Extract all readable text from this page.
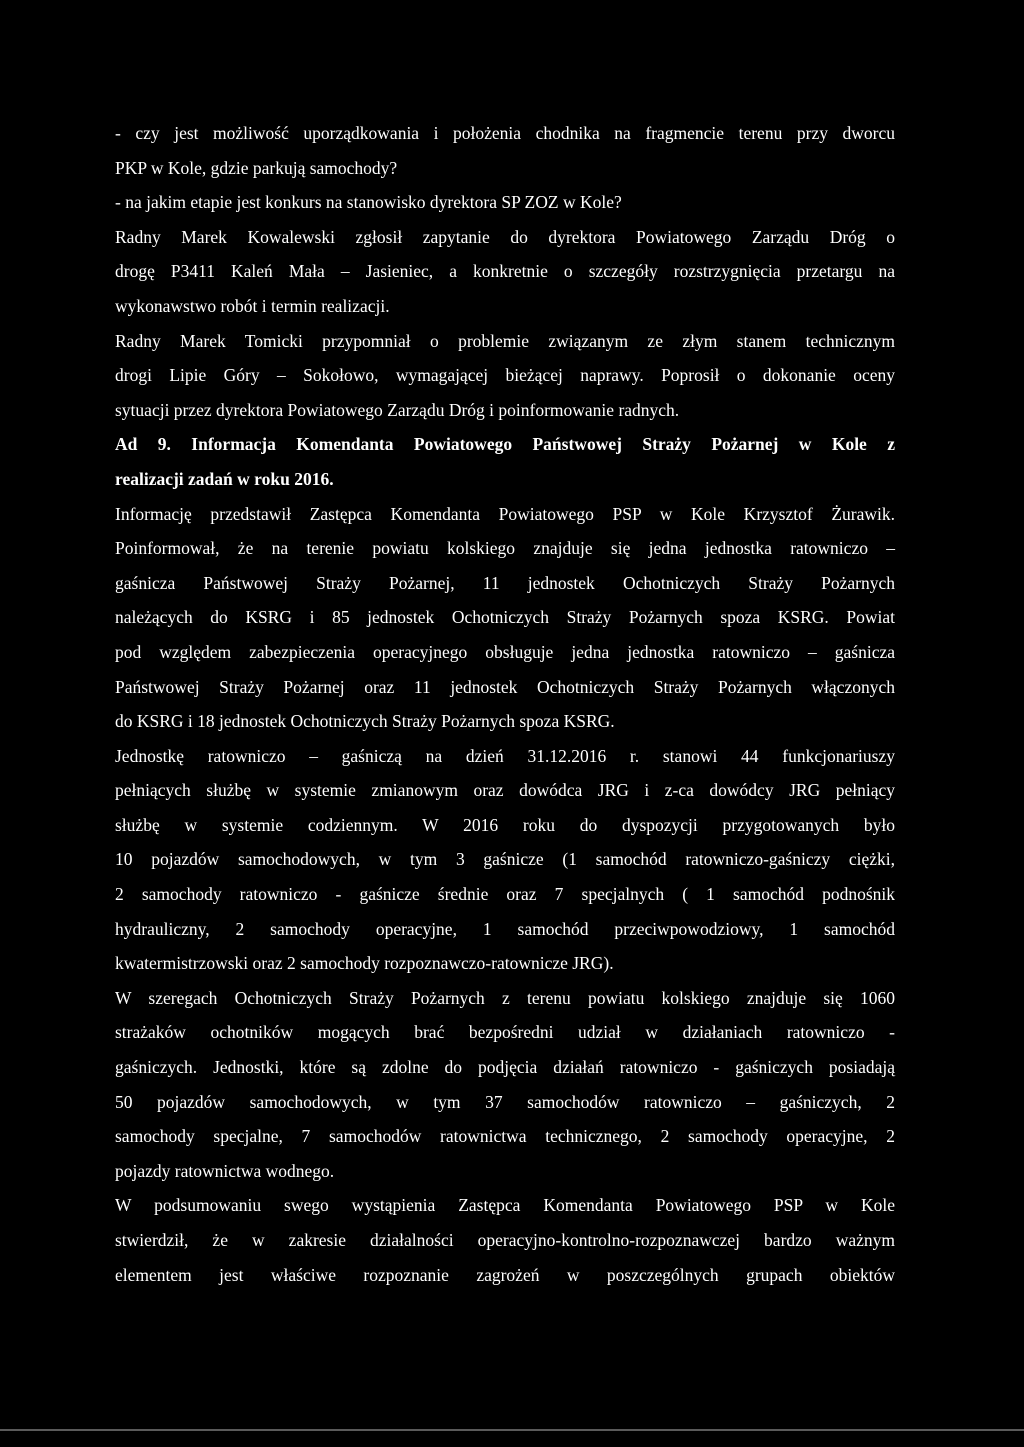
- czy jest możliwość uporządkowania i położenia chodnika na fragmencie terenu przy dworcu
PKP w Kole, gdzie parkują samochody?
- na jakim etapie jest konkurs na stanowisko dyrektora SP ZOZ w Kole?
Radny Marek Kowalewski zgłosił zapytanie do dyrektora Powiatowego Zarządu Dróg o
drogę P3411 Kaleń Mała – Jasieniec, a konkretnie o szczegóły rozstrzygnięcia przetargu na
wykonawstwo robót i termin realizacji.
Radny Marek Tomicki przypomniał o problemie związanym ze złym stanem technicznym
drogi Lipie Góry – Sokołowo, wymagającej bieżącej naprawy. Poprosił o dokonanie oceny
sytuacji przez dyrektora Powiatowego Zarządu Dróg i poinformowanie radnych.
Ad 9. Informacja Komendanta Powiatowego Państwowej Straży Pożarnej w Kole z
realizacji zadań w roku 2016.
Informację przedstawił Zastępca Komendanta Powiatowego PSP w Kole Krzysztof Żurawik.
Poinformował, że na terenie powiatu kolskiego znajduje się jedna jednostka ratowniczo –
gaśnicza Państwowej Straży Pożarnej, 11 jednostek Ochotniczych Straży Pożarnych
należących do KSRG i 85 jednostek Ochotniczych Straży Pożarnych spoza KSRG. Powiat
pod względem zabezpieczenia operacyjnego obsługuje jedna jednostka ratowniczo – gaśnicza
Państwowej Straży Pożarnej oraz 11 jednostek Ochotniczych Straży Pożarnych włączonych
do KSRG i 18 jednostek Ochotniczych Straży Pożarnych spoza KSRG.
Jednostkę ratowniczo – gaśniczą na dzień 31.12.2016 r. stanowi 44 funkcjonariuszy
pełniących służbę w systemie zmianowym oraz dowódca JRG i z-ca dowódcy JRG pełniący
służbę w systemie codziennym. W 2016 roku do dyspozycji przygotowanych było
10 pojazdów samochodowych, w tym 3 gaśnicze (1 samochód ratowniczo-gaśniczy ciężki,
2 samochody ratowniczo - gaśnicze średnie oraz 7 specjalnych ( 1 samochód podnośnik
hydrauliczny, 2 samochody operacyjne, 1 samochód przeciwpowodziowy, 1 samochód
kwatermistrzowski oraz 2 samochody rozpoznawczo-ratownicze JRG).
W szeregach Ochotniczych Straży Pożarnych z terenu powiatu kolskiego znajduje się 1060
strażaków ochotników mogących brać bezpośredni udział w działaniach ratowniczo -
gaśniczych. Jednostki, które są zdolne do podjęcia działań ratowniczo - gaśniczych posiadają
50 pojazdów samochodowych, w tym 37 samochodów ratowniczo – gaśniczych, 2
samochody specjalne, 7 samochodów ratownictwa technicznego, 2 samochody operacyjne, 2
pojazdy ratownictwa wodnego.
W podsumowaniu swego wystąpienia Zastępca Komendanta Powiatowego PSP w Kole
stwierdził, że w zakresie działalności operacyjno-kontrolno-rozpoznawczej bardzo ważnym
elementem jest właściwe rozpoznanie zagrożeń w poszczególnych grupach obiektów
